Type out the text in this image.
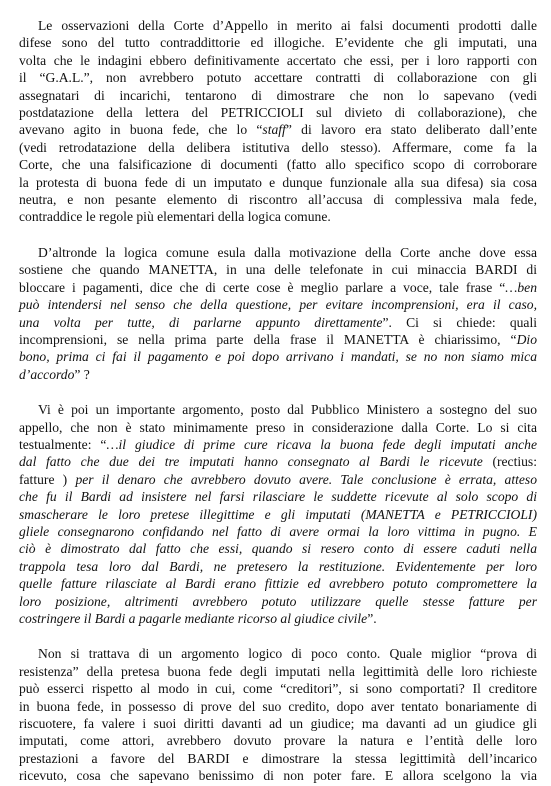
Le osservazioni della Corte d’Appello in merito ai falsi documenti prodotti dalle
difese sono del tutto contraddittorie ed illogiche. E’evidente che gli imputati, una
volta che le indagini ebbero definitivamente accertato che essi, per i loro rapporti con
il “G.A.L.”, non avrebbero potuto accettare contratti di collaborazione con gli
assegnatari di incarichi, tentarono di dimostrare che non lo sapevano (vedi
postdatazione della lettera del PETRICCIOLI sul divieto di collaborazione), che
avevano agito in buona fede, che lo “staff” di lavoro era stato deliberato dall’ente
(vedi retrodatazione della delibera istitutiva dello stesso). Affermare, come fa la
Corte, che una falsificazione di documenti (fatto allo specifico scopo di corroborare
la protesta di buona fede di un imputato e dunque funzionale alla sua difesa) sia cosa
neutra, e non pesante elemento di riscontro all’accusa di complessiva mala fede,
contraddice le regole più elementari della logica comune.

D’altronde la logica comune esula dalla motivazione della Corte anche dove essa
sostiene che quando MANETTA, in una delle telefonate in cui minaccia BARDI di
bloccare i pagamenti, dice che di certe cose è meglio parlare a voce, tale frase “…ben
può intendersi nel senso che della questione, per evitare incomprensioni, era il caso,
una volta per tutte, di parlarne appunto direttamente”. Ci si chiede: quali
incomprensioni, se nella prima parte della frase il MANETTA è chiarissimo, “Dio
bono, prima ci fai il pagamento e poi dopo arrivano i mandati, se no non siamo mica
d’accordo” ?

Vi è poi un importante argomento, posto dal Pubblico Ministero a sostegno del suo
appello, che non è stato minimamente preso in considerazione dalla Corte. Lo si cita
testualmente: “…il giudice di prime cure ricava la buona fede degli imputati anche
dal fatto che due dei tre imputati hanno consegnato al Bardi le ricevute (rectius:
fatture ) per il denaro che avrebbero dovuto avere. Tale conclusione è errata, atteso
che fu il Bardi ad insistere nel farsi rilasciare le suddette ricevute al solo scopo di
smascherare le loro pretese illegittime e gli imputati (MANETTA e PETRICCIOLI)
gliele consegnarono confidando nel fatto di avere ormai la loro vittima in pugno. E
ciò è dimostrato dal fatto che essi, quando si resero conto di essere caduti nella
trappola tesa loro dal Bardi, ne pretesero la restituzione. Evidentemente per loro
quelle fatture rilasciate al Bardi erano fittizie ed avrebbero potuto compromettere la
loro posizione, altrimenti avrebbero potuto utilizzare quelle stesse fatture per
costringere il Bardi a pagarle mediante ricorso al giudice civile”.

Non si trattava di un argomento logico di poco conto. Quale miglior “prova di
resistenza” della pretesa buona fede degli imputati nella legittimità delle loro richieste
può esserci rispetto al modo in cui, come “creditori”, si sono comportati? Il creditore
in buona fede, in possesso di prove del suo credito, dopo aver tentato bonariamente di
riscuotere, fa valere i suoi diritti davanti ad un giudice; ma davanti ad un giudice gli
imputati, come attori, avrebbero dovuto provare la natura e l’entità delle loro
prestazioni a favore del BARDI e dimostrare la stessa legittimità dell’incarico
ricevuto, cosa che sapevano benissimo di non poter fare. E allora scelgono la via
